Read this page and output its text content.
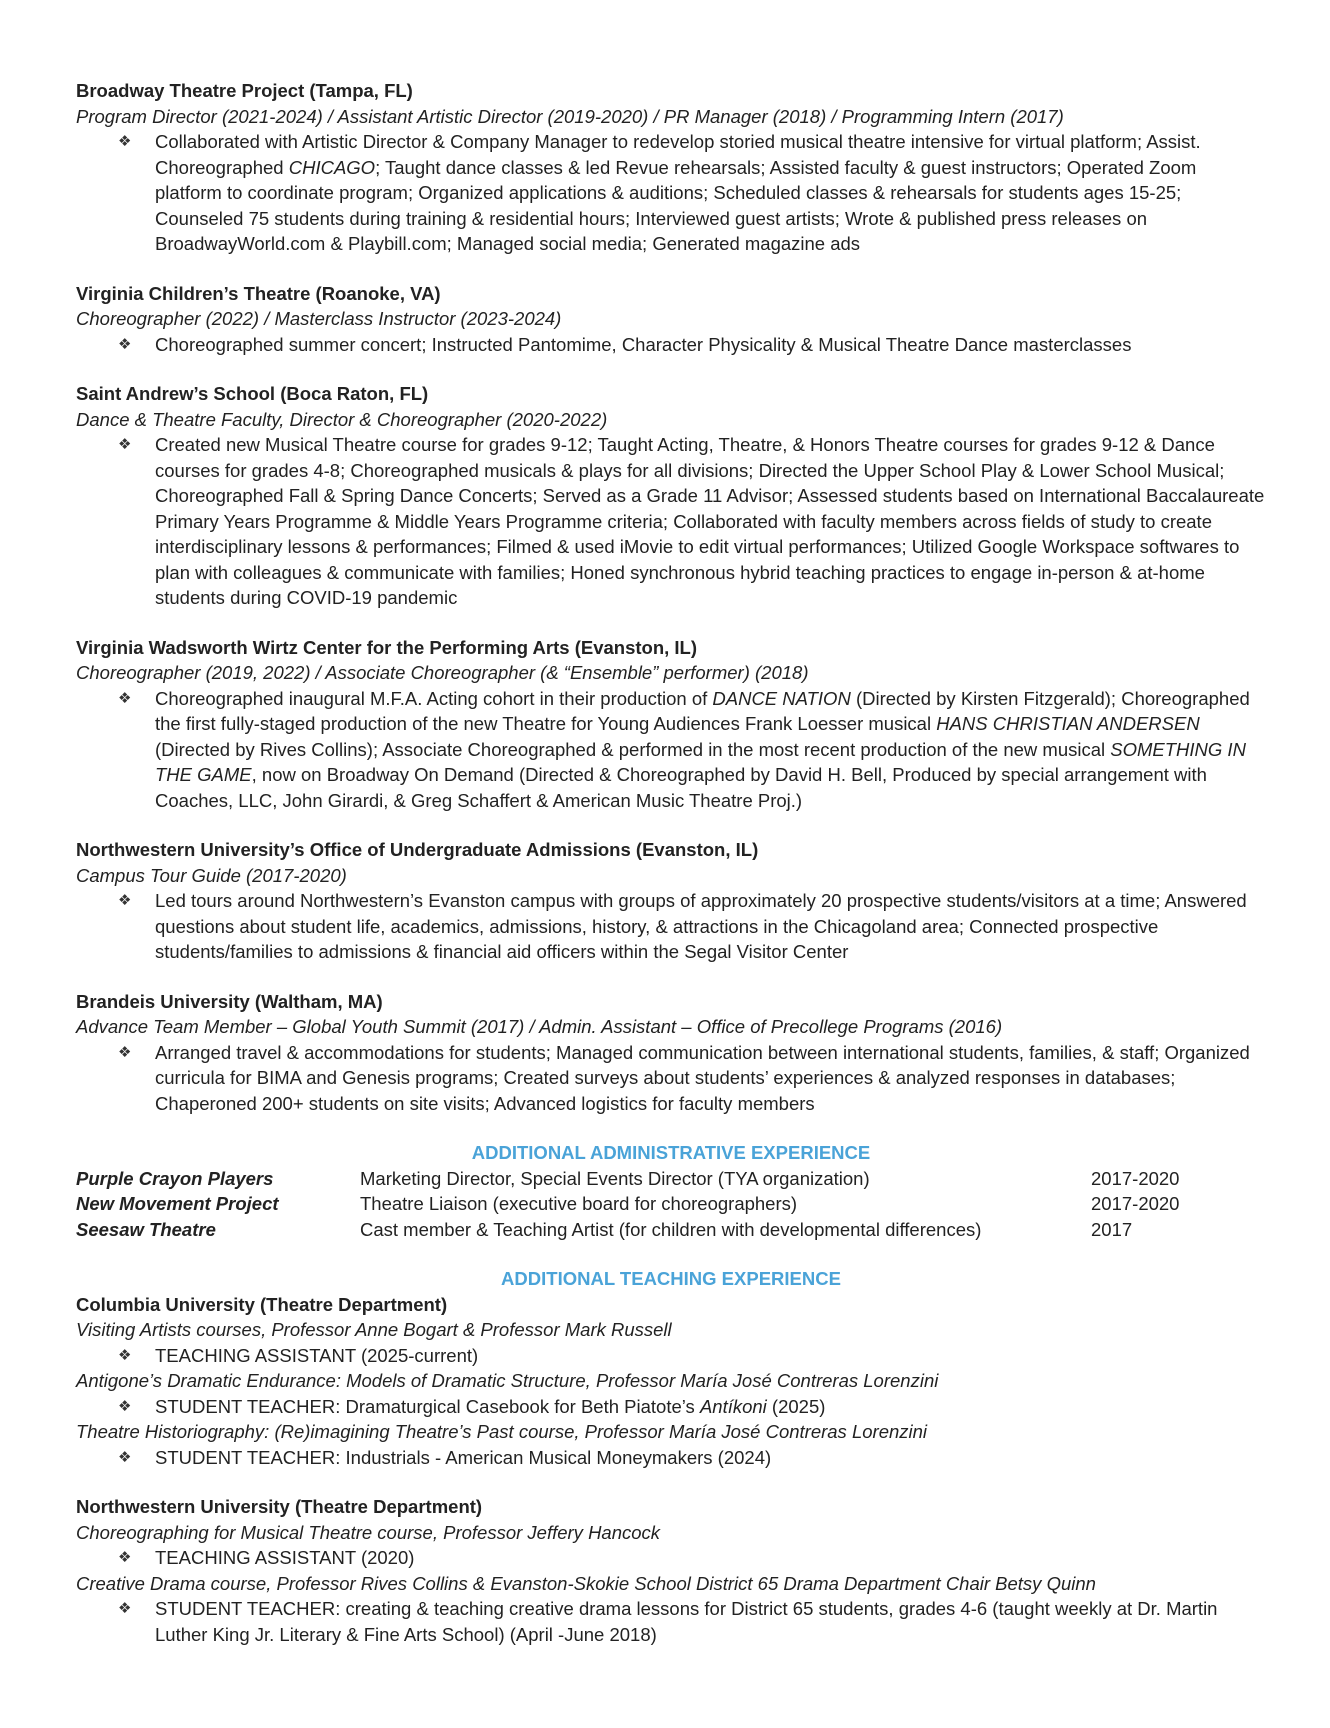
Broadway Theatre Project (Tampa, FL)
Program Director (2021-2024) / Assistant Artistic Director (2019-2020) / PR Manager (2018) / Programming Intern (2017)
❖ Collaborated with Artistic Director & Company Manager to redevelop storied musical theatre intensive for virtual platform; Assist. Choreographed CHICAGO; Taught dance classes & led Revue rehearsals; Assisted faculty & guest instructors; Operated Zoom platform to coordinate program; Organized applications & auditions; Scheduled classes & rehearsals for students ages 15-25; Counseled 75 students during training & residential hours; Interviewed guest artists; Wrote & published press releases on BroadwayWorld.com & Playbill.com; Managed social media; Generated magazine ads
Virginia Children’s Theatre (Roanoke, VA)
Choreographer (2022) / Masterclass Instructor (2023-2024)
❖ Choreographed summer concert; Instructed Pantomime, Character Physicality & Musical Theatre Dance masterclasses
Saint Andrew’s School (Boca Raton, FL)
Dance & Theatre Faculty, Director & Choreographer (2020-2022)
❖ Created new Musical Theatre course for grades 9-12; Taught Acting, Theatre, & Honors Theatre courses for grades 9-12 & Dance courses for grades 4-8; Choreographed musicals & plays for all divisions; Directed the Upper School Play & Lower School Musical; Choreographed Fall & Spring Dance Concerts; Served as a Grade 11 Advisor; Assessed students based on International Baccalaureate Primary Years Programme & Middle Years Programme criteria; Collaborated with faculty members across fields of study to create interdisciplinary lessons & performances; Filmed & used iMovie to edit virtual performances; Utilized Google Workspace softwares to plan with colleagues & communicate with families; Honed synchronous hybrid teaching practices to engage in-person & at-home students during COVID-19 pandemic
Virginia Wadsworth Wirtz Center for the Performing Arts (Evanston, IL)
Choreographer (2019, 2022) / Associate Choreographer (& “Ensemble” performer) (2018)
❖ Choreographed inaugural M.F.A. Acting cohort in their production of DANCE NATION (Directed by Kirsten Fitzgerald); Choreographed the first fully-staged production of the new Theatre for Young Audiences Frank Loesser musical HANS CHRISTIAN ANDERSEN (Directed by Rives Collins); Associate Choreographed & performed in the most recent production of the new musical SOMETHING IN THE GAME, now on Broadway On Demand (Directed & Choreographed by David H. Bell, Produced by special arrangement with Coaches, LLC, John Girardi, & Greg Schaffert & American Music Theatre Proj.)
Northwestern University’s Office of Undergraduate Admissions (Evanston, IL)
Campus Tour Guide (2017-2020)
❖ Led tours around Northwestern’s Evanston campus with groups of approximately 20 prospective students/visitors at a time; Answered questions about student life, academics, admissions, history, & attractions in the Chicagoland area; Connected prospective students/families to admissions & financial aid officers within the Segal Visitor Center
Brandeis University (Waltham, MA)
Advance Team Member – Global Youth Summit (2017) / Admin. Assistant – Office of Precollege Programs (2016)
❖ Arranged travel & accommodations for students; Managed communication between international students, families, & staff; Organized curricula for BIMA and Genesis programs; Created surveys about students’ experiences & analyzed responses in databases; Chaperoned 200+ students on site visits; Advanced logistics for faculty members
ADDITIONAL ADMINISTRATIVE EXPERIENCE
Purple Crayon Players	Marketing Director, Special Events Director (TYA organization)	2017-2020
New Movement Project	Theatre Liaison (executive board for choreographers)	2017-2020
Seesaw Theatre	Cast member & Teaching Artist (for children with developmental differences)	2017
ADDITIONAL TEACHING EXPERIENCE
Columbia University (Theatre Department)
Visiting Artists courses, Professor Anne Bogart & Professor Mark Russell
❖ TEACHING ASSISTANT (2025-current)
Antigone’s Dramatic Endurance: Models of Dramatic Structure, Professor María José Contreras Lorenzini
❖ STUDENT TEACHER: Dramaturgical Casebook for Beth Piatote’s Antíkoni (2025)
Theatre Historiography: (Re)imagining Theatre’s Past course, Professor María José Contreras Lorenzini
❖ STUDENT TEACHER: Industrials - American Musical Moneymakers (2024)
Northwestern University (Theatre Department)
Choreographing for Musical Theatre course, Professor Jeffery Hancock
❖ TEACHING ASSISTANT (2020)
Creative Drama course, Professor Rives Collins & Evanston-Skokie School District 65 Drama Department Chair Betsy Quinn
❖ STUDENT TEACHER: creating & teaching creative drama lessons for District 65 students, grades 4-6 (taught weekly at Dr. Martin Luther King Jr. Literary & Fine Arts School) (April -June 2018)
